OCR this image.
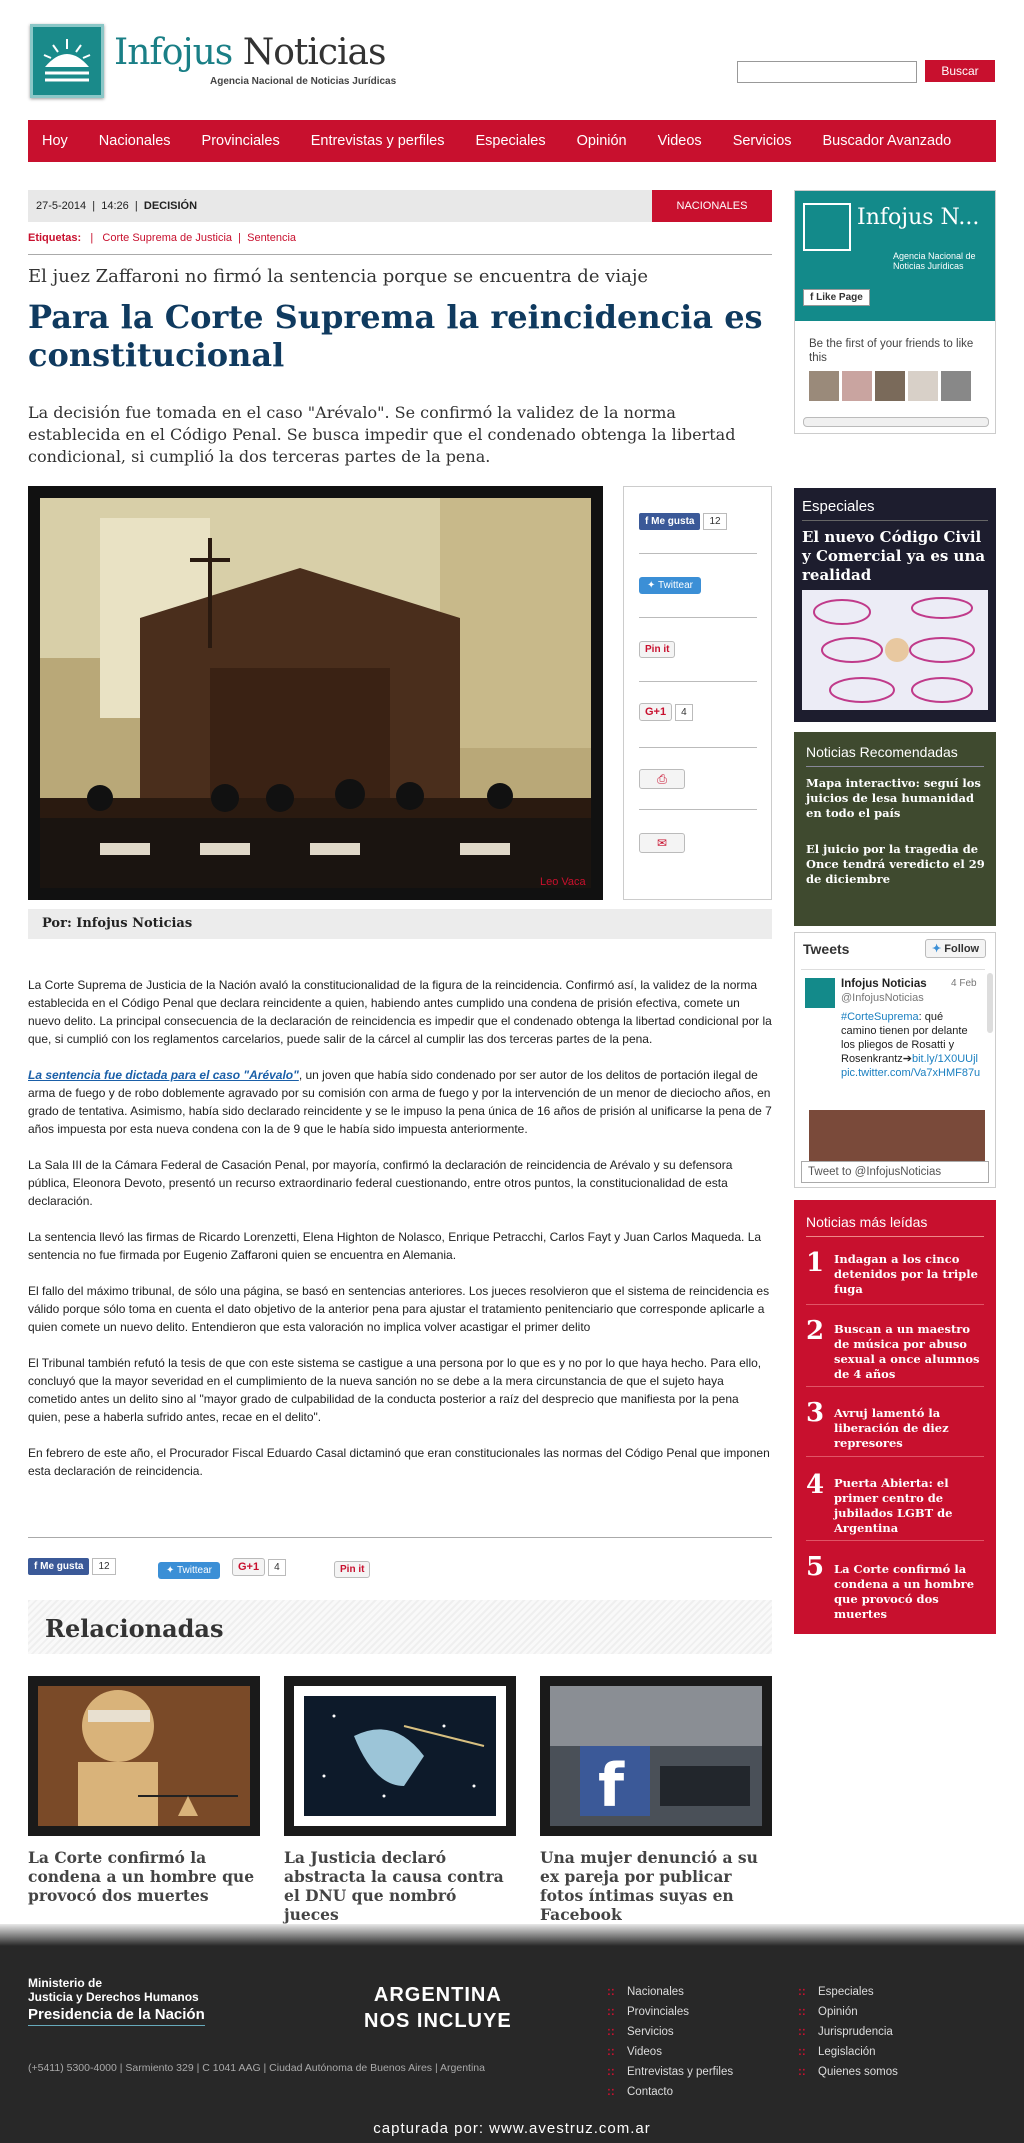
Infojus Noticias
Agencia Nacional de Noticias Jurídicas
Buscar
Hoy Nacionales Provinciales Entrevistas y perfiles Especiales Opinión Videos Servicios Buscador Avanzado
27-5-2014  |  14:26  |  DECISIÓN	NACIONALES
Etiquetas:   |   Corte Suprema de Justicia  |  Sentencia
El juez Zaffaroni no firmó la sentencia porque se encuentra de viaje
Para la Corte Suprema la reincidencia es constitucional
La decisión fue tomada en el caso "Arévalo". Se confirmó la validez de la norma establecida en el Código Penal. Se busca impedir que el condenado obtenga la libertad condicional, si cumplió la dos terceras partes de la pena.
Leo Vaca
f Me gusta	12
✦ Twittear
Pin it
G+1	4
⎙
✉
Por: Infojus Noticias

La Corte Suprema de Justicia de la Nación avaló la constitucionalidad de la figura de la reincidencia. Confirmó así, la validez de la norma establecida en el Código Penal que declara reincidente a quien, habiendo antes cumplido una condena de prisión efectiva, comete un nuevo delito. La principal consecuencia de la declaración de reincidencia es impedir que el condenado obtenga la libertad condicional por la que, si cumplió con los reglamentos carcelarios, puede salir de la cárcel al cumplir las dos terceras partes de la pena.

La sentencia fue dictada para el caso "Arévalo", un joven que había sido condenado por ser autor de los delitos de portación ilegal de arma de fuego y de robo doblemente agravado por su comisión con arma de fuego y por la intervención de un menor de dieciocho años, en grado de tentativa. Asimismo, había sido declarado reincidente y se le impuso la pena única de 16 años de prisión al unificarse la pena de 7 años impuesta por esta nueva condena con la de 9 que le había sido impuesta anteriormente.

La Sala III de la Cámara Federal de Casación Penal, por mayoría, confirmó la declaración de reincidencia de Arévalo y su defensora pública, Eleonora Devoto, presentó un recurso extraordinario federal cuestionando, entre otros puntos, la constitucionalidad de esta declaración.

La sentencia llevó las firmas de Ricardo Lorenzetti, Elena Highton de Nolasco, Enrique Petracchi, Carlos Fayt y Juan Carlos Maqueda. La sentencia no fue firmada por Eugenio Zaffaroni quien se encuentra en Alemania.

El fallo del máximo tribunal, de sólo una página, se basó en sentencias anteriores. Los jueces resolvieron que el sistema de reincidencia es válido porque sólo toma en cuenta el dato objetivo de la anterior pena para ajustar el tratamiento penitenciario que corresponde aplicarle a quien comete un nuevo delito. Entendieron que esta valoración no implica volver acastigar el primer delito

El Tribunal también refutó la tesis de que con este sistema se castigue a una persona por lo que es y no por lo que haya hecho. Para ello, concluyó que la mayor severidad en el cumplimiento de la nueva sanción no se debe a la mera circunstancia de que el sujeto haya cometido antes un delito sino al "mayor grado de culpabilidad de la conducta posterior a raíz del desprecio que manifiesta por la pena quien, pese a haberla sufrido antes, recae en el delito".

En febrero de este año, el Procurador Fiscal Eduardo Casal dictaminó que eran constitucionales las normas del Código Penal que imponen esta declaración de reincidencia.

f Me gusta	12	✦ Twittear	G+1	4	Pin it
Relacionadas
f
La Corte confirmó la condena a un hombre que provocó dos muertes
La Justicia declaró abstracta la causa contra el DNU que nombró jueces
Una mujer denunció a su ex pareja por publicar fotos íntimas suyas en Facebook
Infojus N...
Agencia Nacional de Noticias Jurídicas
f Like Page
Be the first of your friends to like this
Especiales
El nuevo Código Civil y Comercial ya es una realidad
Noticias Recomendadas
Mapa interactivo: seguí los juicios de lesa humanidad en todo el país
El juicio por la tragedia de Once tendrá veredicto el 29 de diciembre
Tweets	✦ Follow
Infojus Noticias
@InfojusNoticias
4 Feb
#CorteSuprema: qué camino tienen por delante los pliegos de Rosatti y Rosenkrantz➔bit.ly/1X0UUjl
pic.twitter.com/Va7xHMF87u
Tweet to @InfojusNoticias
Noticias más leídas
1 Indagan a los cinco detenidos por la triple fuga
2 Buscan a un maestro de música por abuso sexual a once alumnos de 4 años
3 Avruj lamentó la liberación de diez represores
4 Puerta Abierta: el primer centro de jubilados LGBT de Argentina
5 La Corte confirmó la condena a un hombre que provocó dos muertes
Ministerio de
Justicia y Derechos Humanos
Presidencia de la Nación
ARGENTINA
NOS INCLUYE
(+5411) 5300-4000 | Sarmiento 329 | C 1041 AAG | Ciudad Autónoma de Buenos Aires | Argentina
:: Nacionales
:: Provinciales
:: Servicios
:: Videos
:: Entrevistas y perfiles
:: Contacto
:: Especiales
:: Opinión
:: Jurisprudencia
:: Legislación
:: Quienes somos
capturada por: www.avestruz.com.ar
